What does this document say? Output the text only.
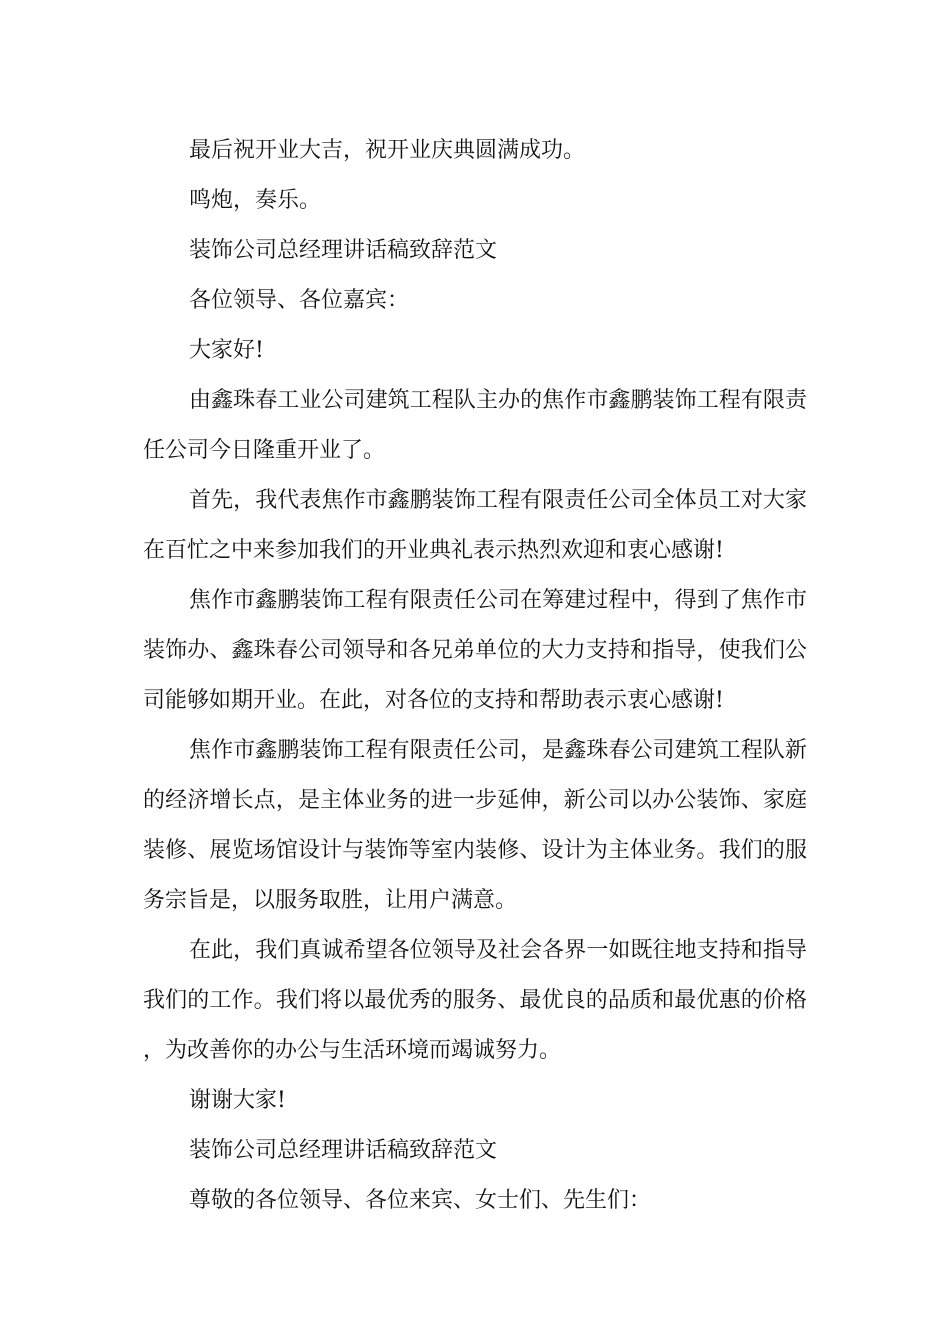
最后祝开业大吉，祝开业庆典圆满成功。

鸣炮，奏乐。

装饰公司总经理讲话稿致辞范文

各位领导、各位嘉宾：

大家好!

由鑫珠春工业公司建筑工程队主办的焦作市鑫鹏装饰工程有限责任公司今日隆重开业了。

首先，我代表焦作市鑫鹏装饰工程有限责任公司全体员工对大家在百忙之中来参加我们的开业典礼表示热烈欢迎和衷心感谢!

焦作市鑫鹏装饰工程有限责任公司在筹建过程中，得到了焦作市装饰办、鑫珠春公司领导和各兄弟单位的大力支持和指导，使我们公司能够如期开业。在此，对各位的支持和帮助表示衷心感谢!

焦作市鑫鹏装饰工程有限责任公司，是鑫珠春公司建筑工程队新的经济增长点，是主体业务的进一步延伸，新公司以办公装饰、家庭装修、展览场馆设计与装饰等室内装修、设计为主体业务。我们的服务宗旨是，以服务取胜，让用户满意。

在此，我们真诚希望各位领导及社会各界一如既往地支持和指导我们的工作。我们将以最优秀的服务、最优良的品质和最优惠的价格，为改善你的办公与生活环境而竭诚努力。

谢谢大家!

装饰公司总经理讲话稿致辞范文

尊敬的各位领导、各位来宾、女士们、先生们：
